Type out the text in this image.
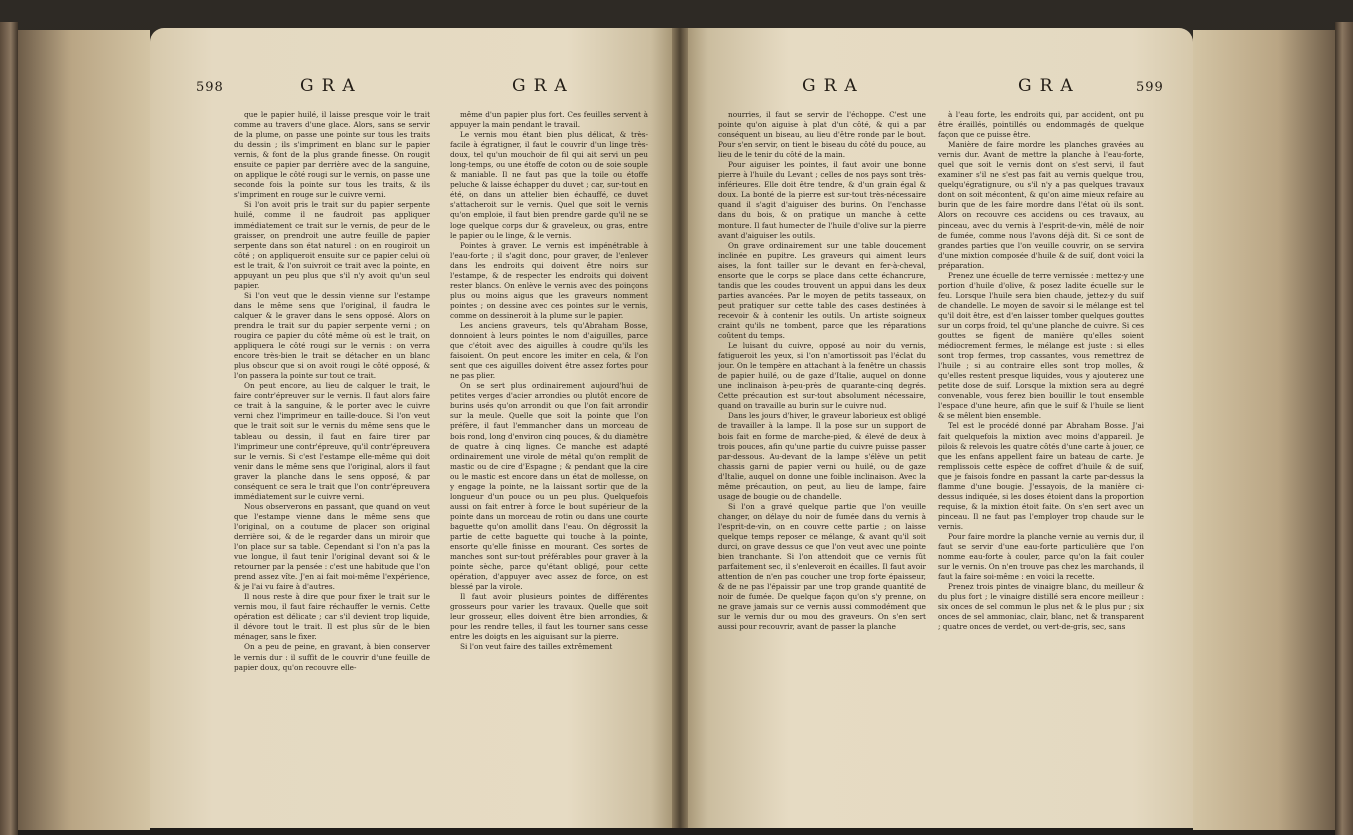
598	GRA	GRA

que le papier huilé, il laisse presque voir le trait comme au travers d'une glace. Alors, sans se servir de la plume, on passe une pointe sur tous les traits du dessin ; ils s'impriment en blanc sur le papier vernis, & font de la plus grande finesse. On rougit ensuite ce papier par derrière avec de la sanguine, on applique le côté rougi sur le vernis, on passe une seconde fois la pointe sur tous les traits, & ils s'impriment en rouge sur le cuivre verni.

Si l'on avoit pris le trait sur du papier serpente huilé, comme il ne faudroit pas appliquer immédiatement ce trait sur le vernis, de peur de le graisser, on prendroit une autre feuille de papier serpente dans son état naturel : on en rougiroit un côté ; on appliqueroit ensuite sur ce papier celui où est le trait, & l'on suivroit ce trait avec la pointe, en appuyant un peu plus que s'il n'y avoit qu'un seul papier.

Si l'on veut que le dessin vienne sur l'estampe dans le même sens que l'original, il faudra le calquer & le graver dans le sens opposé. Alors on prendra le trait sur du papier serpente verni ; on rougira ce papier du côté même où est le trait, on appliquera le côté rougi sur le vernis : on verra encore très-bien le trait se détacher en un blanc plus obscur que si on avoit rougi le côté opposé, & l'on passera la pointe sur tout ce trait.

On peut encore, au lieu de calquer le trait, le faire contr'épreuver sur le vernis. Il faut alors faire ce trait à la sanguine, & le porter avec le cuivre verni chez l'imprimeur en taille-douce. Si l'on veut que le trait soit sur le vernis du même sens que le tableau ou dessin, il faut en faire tirer par l'imprimeur une contr'épreuve, qu'il contr'épreuvera sur le vernis. Si c'est l'estampe elle-même qui doit venir dans le même sens que l'original, alors il faut graver la planche dans le sens opposé, & par conséquent ce sera le trait que l'on contr'épreuvera immédiatement sur le cuivre verni.

Nous observerons en passant, que quand on veut que l'estampe vienne dans le même sens que l'original, on a coutume de placer son original derrière soi, & de le regarder dans un miroir que l'on place sur sa table. Cependant si l'on n'a pas la vue longue, il faut tenir l'original devant soi & le retourner par la pensée : c'est une habitude que l'on prend assez vîte. J'en ai fait moi-même l'expérience, & je l'ai vu faire à d'autres.

Il nous reste à dire que pour fixer le trait sur le vernis mou, il faut faire réchauffer le vernis. Cette opération est délicate ; car s'il devient trop liquide, il dévore tout le trait. Il est plus sûr de le bien ménager, sans le fixer.

On a peu de peine, en gravant, à bien conserver le vernis dur : il suffit de le couvrir d'une feuille de papier doux, qu'on recouvre elle-

même d'un papier plus fort. Ces feuilles servent à appuyer la main pendant le travail.

Le vernis mou étant bien plus délicat, & très-facile à égratigner, il faut le couvrir d'un linge très-doux, tel qu'un mouchoir de fil qui ait servi un peu long-temps, ou une étoffe de coton ou de soie souple & maniable. Il ne faut pas que la toile ou étoffe peluche & laisse échapper du duvet ; car, sur-tout en été, on dans un attelier bien échauffé, ce duvet s'attacheroit sur le vernis. Quel que soit le vernis qu'on emploie, il faut bien prendre garde qu'il ne se loge quelque corps dur & graveleux, ou gras, entre le papier ou le linge, & le vernis.

Pointes à graver. Le vernis est impénétrable à l'eau-forte ; il s'agit donc, pour graver, de l'enlever dans les endroits qui doivent être noirs sur l'estampe, & de respecter les endroits qui doivent rester blancs. On enlève le vernis avec des poinçons plus ou moins aigus que les graveurs nomment pointes ; on dessine avec ces pointes sur le vernis, comme on dessineroit à la plume sur le papier.

Les anciens graveurs, tels qu'Abraham Bosse, donnoient à leurs pointes le nom d'aiguilles, parce que c'étoit avec des aiguilles à coudre qu'ils les faisoient. On peut encore les imiter en cela, & l'on sent que ces aiguilles doivent être assez fortes pour ne pas plier.

On se sert plus ordinairement aujourd'hui de petites verges d'acier arrondies ou plutôt encore de burins usés qu'on arrondit ou que l'on fait arrondir sur la meule. Quelle que soit la pointe que l'on préfère, il faut l'emmancher dans un morceau de bois rond, long d'environ cinq pouces, & du diamètre de quatre à cinq lignes. Ce manche est adapté ordinairement une virole de métal qu'on remplit de mastic ou de cire d'Espagne ; & pendant que la cire ou le mastic est encore dans un état de mollesse, on y engage la pointe, ne la laissant sortir que de la longueur d'un pouce ou un peu plus. Quelquefois aussi on fait entrer à force le bout supérieur de la pointe dans un morceau de rotin ou dans une courte baguette qu'on amollit dans l'eau. On dégrossit la partie de cette baguette qui touche à la pointe, ensorte qu'elle finisse en mourant. Ces sortes de manches sont sur-tout préférables pour graver à la pointe sèche, parce qu'étant obligé, pour cette opération, d'appuyer avec assez de force, on est blessé par la virole.

Il faut avoir plusieurs pointes de différentes grosseurs pour varier les travaux. Quelle que soit leur grosseur, elles doivent être bien arrondies, & pour les rendre telles, il faut les tourner sans cesse entre les doigts en les aiguisant sur la pierre.

Si l'on veut faire des tailles extrêmement

GRA	GRA	599

nourries, il faut se servir de l'échoppe. C'est une pointe qu'on aiguise à plat d'un côté, & qui a par conséquent un biseau, au lieu d'être ronde par le bout. Pour s'en servir, on tient le biseau du côté du pouce, au lieu de le tenir du côté de la main.

Pour aiguiser les pointes, il faut avoir une bonne pierre à l'huile du Levant ; celles de nos pays sont très-inférieures. Elle doit être tendre, & d'un grain égal & doux. La bonté de la pierre est sur-tout très-nécessaire quand il s'agit d'aiguiser des burins. On l'enchasse dans du bois, & on pratique un manche à cette monture. Il faut humecter de l'huile d'olive sur la pierre avant d'aiguiser les outils.

On grave ordinairement sur une table doucement inclinée en pupitre. Les graveurs qui aiment leurs aises, la font tailler sur le devant en fer-à-cheval, ensorte que le corps se place dans cette échancrure, tandis que les coudes trouvent un appui dans les deux parties avancées. Par le moyen de petits tasseaux, on peut pratiquer sur cette table des cases destinées à recevoir & à contenir les outils. Un artiste soigneux craint qu'ils ne tombent, parce que les réparations coûtent du temps.

Le luisant du cuivre, opposé au noir du vernis, fatigueroit les yeux, si l'on n'amortissoit pas l'éclat du jour. On le tempère en attachant à la fenêtre un chassis de papier huilé, ou de gaze d'Italie, auquel on donne une inclinaison à-peu-près de quarante-cinq degrés. Cette précaution est sur-tout absolument nécessaire, quand on travaille au burin sur le cuivre nud.

Dans les jours d'hiver, le graveur laborieux est obligé de travailler à la lampe. Il la pose sur un support de bois fait en forme de marche-pied, & élevé de deux à trois pouces, afin qu'une partie du cuivre puisse passer par-dessous. Au-devant de la lampe s'élève un petit chassis garni de papier verni ou huilé, ou de gaze d'Italie, auquel on donne une foible inclinaison. Avec la même précaution, on peut, au lieu de lampe, faire usage de bougie ou de chandelle.

Si l'on a gravé quelque partie que l'on veuille changer, on délaye du noir de fumée dans du vernis à l'esprit-de-vin, on en couvre cette partie ; on laisse quelque temps reposer ce mélange, & avant qu'il soit durci, on grave dessus ce que l'on veut avec une pointe bien tranchante. Si l'on attendoit que ce vernis fût parfaitement sec, il s'enleveroit en écailles. Il faut avoir attention de n'en pas coucher une trop forte épaisseur, & de ne pas l'épaissir par une trop grande quantité de noir de fumée. De quelque façon qu'on s'y prenne, on ne grave jamais sur ce vernis aussi commodément que sur le vernis dur ou mou des graveurs. On s'en sert aussi pour recouvrir, avant de passer la planche

à l'eau forte, les endroits qui, par accident, ont pu être éraillés, pointillés ou endommagés de quelque façon que ce puisse être.

Manière de faire mordre les planches gravées au vernis dur. Avant de mettre la planche à l'eau-forte, quel que soit le vernis dont on s'est servi, il faut examiner s'il ne s'est pas fait au vernis quelque trou, quelqu'égratignure, ou s'il n'y a pas quelques travaux dont on soit mécontent, & qu'on aime mieux refaire au burin que de les faire mordre dans l'état où ils sont. Alors on recouvre ces accidens ou ces travaux, au pinceau, avec du vernis à l'esprit-de-vin, mêlé de noir de fumée, comme nous l'avons déjà dit. Si ce sont de grandes parties que l'on veuille couvrir, on se servira d'une mixtion composée d'huile & de suif, dont voici la préparation.

Prenez une écuelle de terre vernissée : mettez-y une portion d'huile d'olive, & posez ladite écuelle sur le feu. Lorsque l'huile sera bien chaude, jettez-y du suif de chandelle. Le moyen de savoir si le mélange est tel qu'il doit être, est d'en laisser tomber quelques gouttes sur un corps froid, tel qu'une planche de cuivre. Si ces gouttes se figent de manière qu'elles soient médiocrement fermes, le mélange est juste : si elles sont trop fermes, trop cassantes, vous remettrez de l'huile ; si au contraire elles sont trop molles, & qu'elles restent presque liquides, vous y ajouterez une petite dose de suif. Lorsque la mixtion sera au degré convenable, vous ferez bien bouillir le tout ensemble l'espace d'une heure, afin que le suif & l'huile se lient & se mêlent bien ensemble.

Tel est le procédé donné par Abraham Bosse. J'ai fait quelquefois la mixtion avec moins d'appareil. Je pilois & relevois les quatre côtés d'une carte à jouer, ce que les enfans appellent faire un bateau de carte. Je remplissois cette espèce de coffret d'huile & de suif, que je faisois fondre en passant la carte par-dessus la flamme d'une bougie. J'essayois, de la manière ci-dessus indiquée, si les doses étoient dans la proportion requise, & la mixtion étoit faite. On s'en sert avec un pinceau. Il ne faut pas l'employer trop chaude sur le vernis.

Pour faire mordre la planche vernie au vernis dur, il faut se servir d'une eau-forte particulière que l'on nomme eau-forte à couler, parce qu'on la fait couler sur le vernis. On n'en trouve pas chez les marchands, il faut la faire soi-même : en voici la recette.

Prenez trois pintes de vinaigre blanc, du meilleur & du plus fort ; le vinaigre distillé sera encore meilleur : six onces de sel commun le plus net & le plus pur ; six onces de sel ammoniac, clair, blanc, net & transparent ; quatre onces de verdet, ou vert-de-gris, sec, sans
